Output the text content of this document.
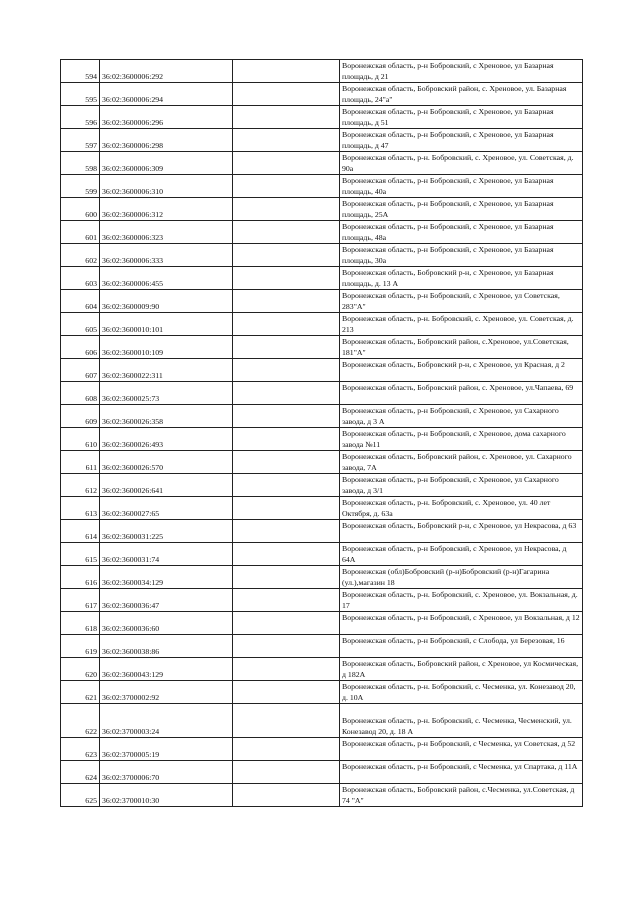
594	36:02:3600006:292		Воронежская область, р-н Бобровский, с Хреновое, ул Базарная площадь, д 21
595	36:02:3600006:294		Воронежская область, Бобровский район, с. Хреновое, ул. Базарная площадь, 24"а"
596	36:02:3600006:296		Воронежская область, р-н Бобровский, с Хреновое, ул Базарная площадь, д 51
597	36:02:3600006:298		Воронежская область, р-н Бобровский, с Хреновое, ул Базарная площадь, д 47
598	36:02:3600006:309		Воронежская область, р-н. Бобровский, с. Хреновое, ул. Советская, д. 90а
599	36:02:3600006:310		Воронежская область, р-н Бобровский, с Хреновое, ул Базарная площадь, 40а
600	36:02:3600006:312		Воронежская область, р-н Бобровский, с Хреновое, ул Базарная площадь, 25А
601	36:02:3600006:323		Воронежская область, р-н Бобровский, с Хреновое, ул Базарная площадь, 48а
602	36:02:3600006:333		Воронежская область, р-н Бобровский, с Хреновое, ул Базарная площадь, 30а
603	36:02:3600006:455		Воронежская область, Бобровский р-н, с Хреновое, ул Базарная площадь, д. 13 А
604	36:02:3600009:90		Воронежская область, р-н Бобровский, с Хреновое, ул Советская, 283"А"
605	36:02:3600010:101		Воронежская область, р-н. Бобровский, с. Хреновое, ул. Советская, д. 213
606	36:02:3600010:109		Воронежская область, Бобровский район, с.Хреновое, ул.Советская, 181"А"
607	36:02:3600022:311		Воронежская область, Бобровский р-н, с Хреновое, ул Красная, д 2
608	36:02:3600025:73		Воронежская область, Бобровский район, с. Хреновое, ул.Чапаева, 69
609	36:02:3600026:358		Воронежская область, р-н Бобровский, с Хреновое, ул Сахарного завода, д 3 А
610	36:02:3600026:493		Воронежская область, р-н Бобровский, с Хреновое, дома сахарного завода №11
611	36:02:3600026:570		Воронежская область, Бобровский район, с. Хреновое, ул. Сахарного завода, 7А
612	36:02:3600026:641		Воронежская область, р-н Бобровский, с Хреновое, ул Сахарного завода, д 3/1
613	36:02:3600027:65		Воронежская область, р-н. Бобровский, с. Хреновое, ул. 40 лет Октября, д. 63а
614	36:02:3600031:225		Воронежская область, Бобровский р-н, с Хреновое, ул Некрасова, д 63
615	36:02:3600031:74		Воронежская область, р-н Бобровский, с Хреновое, ул Некрасова, д 64А
616	36:02:3600034:129		Воронежская (обл)Бобровский (р-н)Бобровский (р-н)Гагарина (ул.),магазин 18
617	36:02:3600036:47		Воронежская область, р-н. Бобровский, с. Хреновое, ул. Вокзальная, д. 17
618	36:02:3600036:60		Воронежская область, р-н Бобровский, с Хреновое, ул Вокзальная, д 12
619	36:02:3600038:86		Воронежская область, р-н Бобровский, с Слобода, ул Березовая, 16
620	36:02:3600043:129		Воронежская область, Бобровский район, с Хреновое, ул Космическая, д 182А
621	36:02:3700002:92		Воронежская область, р-н. Бобровский, с. Чесменка, ул. Конезавод 20, д. 10А
622	36:02:3700003:24		Воронежская область, р-н. Бобровский, с. Чесменка, Чесменский, ул. Конезавод 20, д. 18 А
623	36:02:3700005:19		Воронежская область, р-н Бобровский, с Чесменка, ул Советская, д 52
624	36:02:3700006:70		Воронежская область, р-н Бобровский, с Чесменка, ул Спартака, д 11А
625	36:02:3700010:30		Воронежская область, Бобровский район, с.Чесменка, ул.Советская, д 74 "А"
